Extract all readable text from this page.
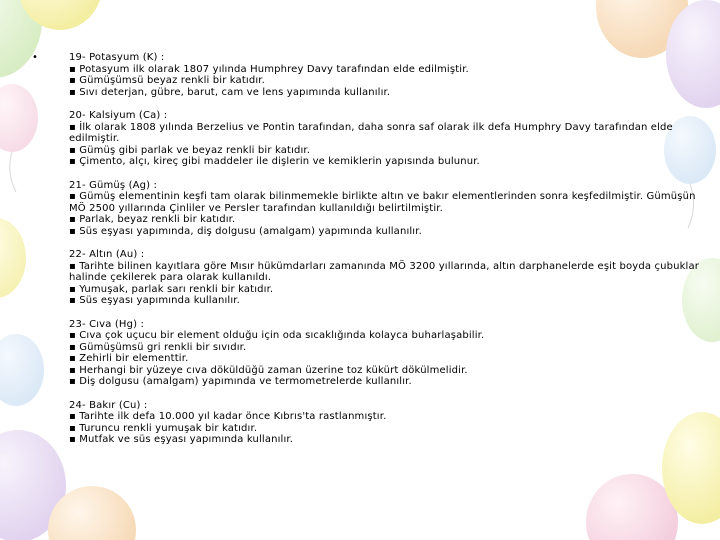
•	19- Potasyum (K) :

▪ Potasyum ilk olarak 1807 yılında Humphrey Davy tarafından elde edilmiştir.

▪ Gümüşümsü beyaz renkli bir katıdır.

▪ Sıvı deterjan, gübre, barut, cam ve lens yapımında kullanılır.

20- Kalsiyum (Ca) :

▪ İlk olarak 1808 yılında Berzelius ve Pontin tarafından, daha sonra saf olarak ilk defa Humphry Davy tarafından elde edilmiştir.

▪ Gümüş gibi parlak ve beyaz renkli bir katıdır.

▪ Çimento, alçı, kireç gibi maddeler ile dişlerin ve kemiklerin yapısında bulunur.

21- Gümüş (Ag) :

▪ Gümüş elementinin keşfi tam olarak bilinmemekle birlikte altın ve bakır elementlerinden sonra keşfedilmiştir. Gümüşün MÖ 2500 yıllarında Çinliler ve Persler tarafından kullanıldığı belirtilmiştir.

▪ Parlak, beyaz renkli bir katıdır.

▪ Süs eşyası yapımında, diş dolgusu (amalgam) yapımında kullanılır.

22- Altın (Au) :

▪ Tarihte bilinen kayıtlara göre Mısır hükümdarları zamanında MÖ 3200 yıllarında, altın darphanelerde eşit boyda çubuklar halinde çekilerek para olarak kullanıldı.

▪ Yumuşak, parlak sarı renkli bir katıdır.

▪ Süs eşyası yapımında kullanılır.

23- Cıva (Hg) :

▪ Cıva çok uçucu bir element olduğu için oda sıcaklığında kolayca buharlaşabilir.

▪ Gümüşümsü gri renkli bir sıvıdır.

▪ Zehirli bir elementtir.

▪ Herhangi bir yüzeye cıva döküldüğü zaman üzerine toz kükürt dökülmelidir.

▪ Diş dolgusu (amalgam) yapımında ve termometrelerde kullanılır.

24- Bakır (Cu) :

▪ Tarihte ilk defa 10.000 yıl kadar önce Kıbrıs'ta rastlanmıştır.

▪ Turuncu renkli yumuşak bir katıdır.

▪ Mutfak ve süs eşyası yapımında kullanılır.
